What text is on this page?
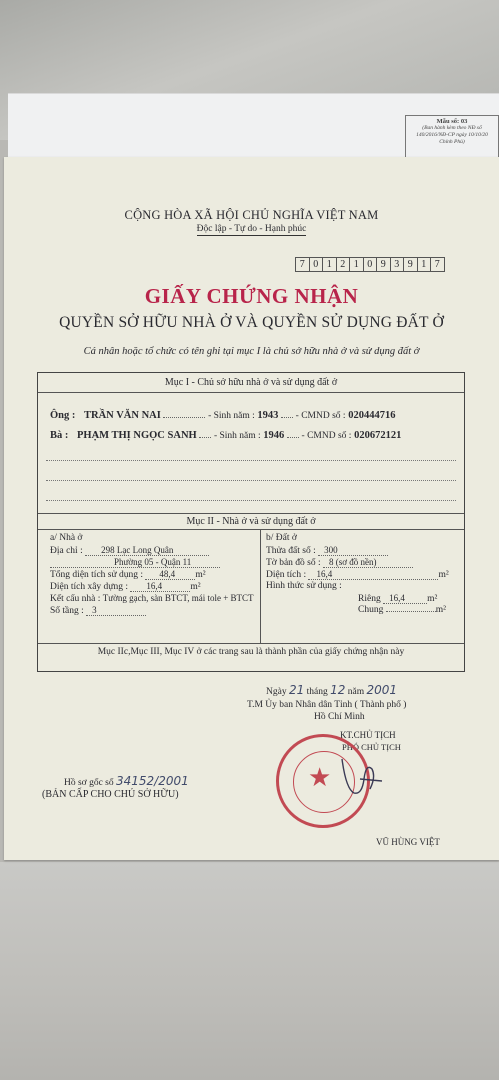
Mẫu số: 03
(Ban hành kèm theo NĐ số
140/2016/NĐ-CP ngày 10/10/20
Chính Phủ)
CỘNG HÒA XÃ HỘI CHỦ NGHĨA VIỆT NAM
Độc lập - Tự do - Hạnh phúc
7 0 1 2 1 0 9 3 9 1 7
GIẤY CHỨNG NHẬN
QUYỀN SỞ HỮU NHÀ Ở VÀ QUYỀN SỬ DỤNG ĐẤT Ở
Cá nhân hoặc tổ chức có tên ghi tại mục I là chủ sở hữu nhà ở và sử dụng đất ở
Mục I - Chủ sở hữu nhà ở và sử dụng đất ở
Ông : TRẦN VĂN NAI	- Sinh năm : 1943 - CMND số : 020444716
Bà : PHẠM THỊ NGỌC SANH - Sinh năm : 1946 - CMND số : 020672121
Mục II - Nhà ở và sử dụng đất ở
a/ Nhà ở
Địa chỉ : 298 Lạc Long Quân
Phường 05 - Quận 11
Tổng diện tích sử dụng : 48,4 m²
Diện tích xây dựng : 16,4	m²
Kết cấu nhà : Tường gạch, sàn BTCT, mái tole + BTCT
Số tầng : 3
b/ Đất ở
Thửa đất số : 300
Tờ bản đồ số : 8 (sơ đồ nền)
Diện tích : 16,4	m²
Hình thức sử dụng :
Riêng 16,4 m²
Chung	m²
Mục IIc,Mục III, Mục IV ở các trang sau là thành phần của giấy chứng nhận này
Ngày 21 tháng 12 năm 2001
T.M Ủy ban Nhân dân Tỉnh ( Thành phố )
Hồ Chí Minh
KT.CHỦ TỊCH
PHÓ CHỦ TỊCH
★
VŨ HÙNG VIỆT
Hồ sơ gốc số 34152/2001
(BẢN CẤP CHO CHỦ SỞ HỮU)
